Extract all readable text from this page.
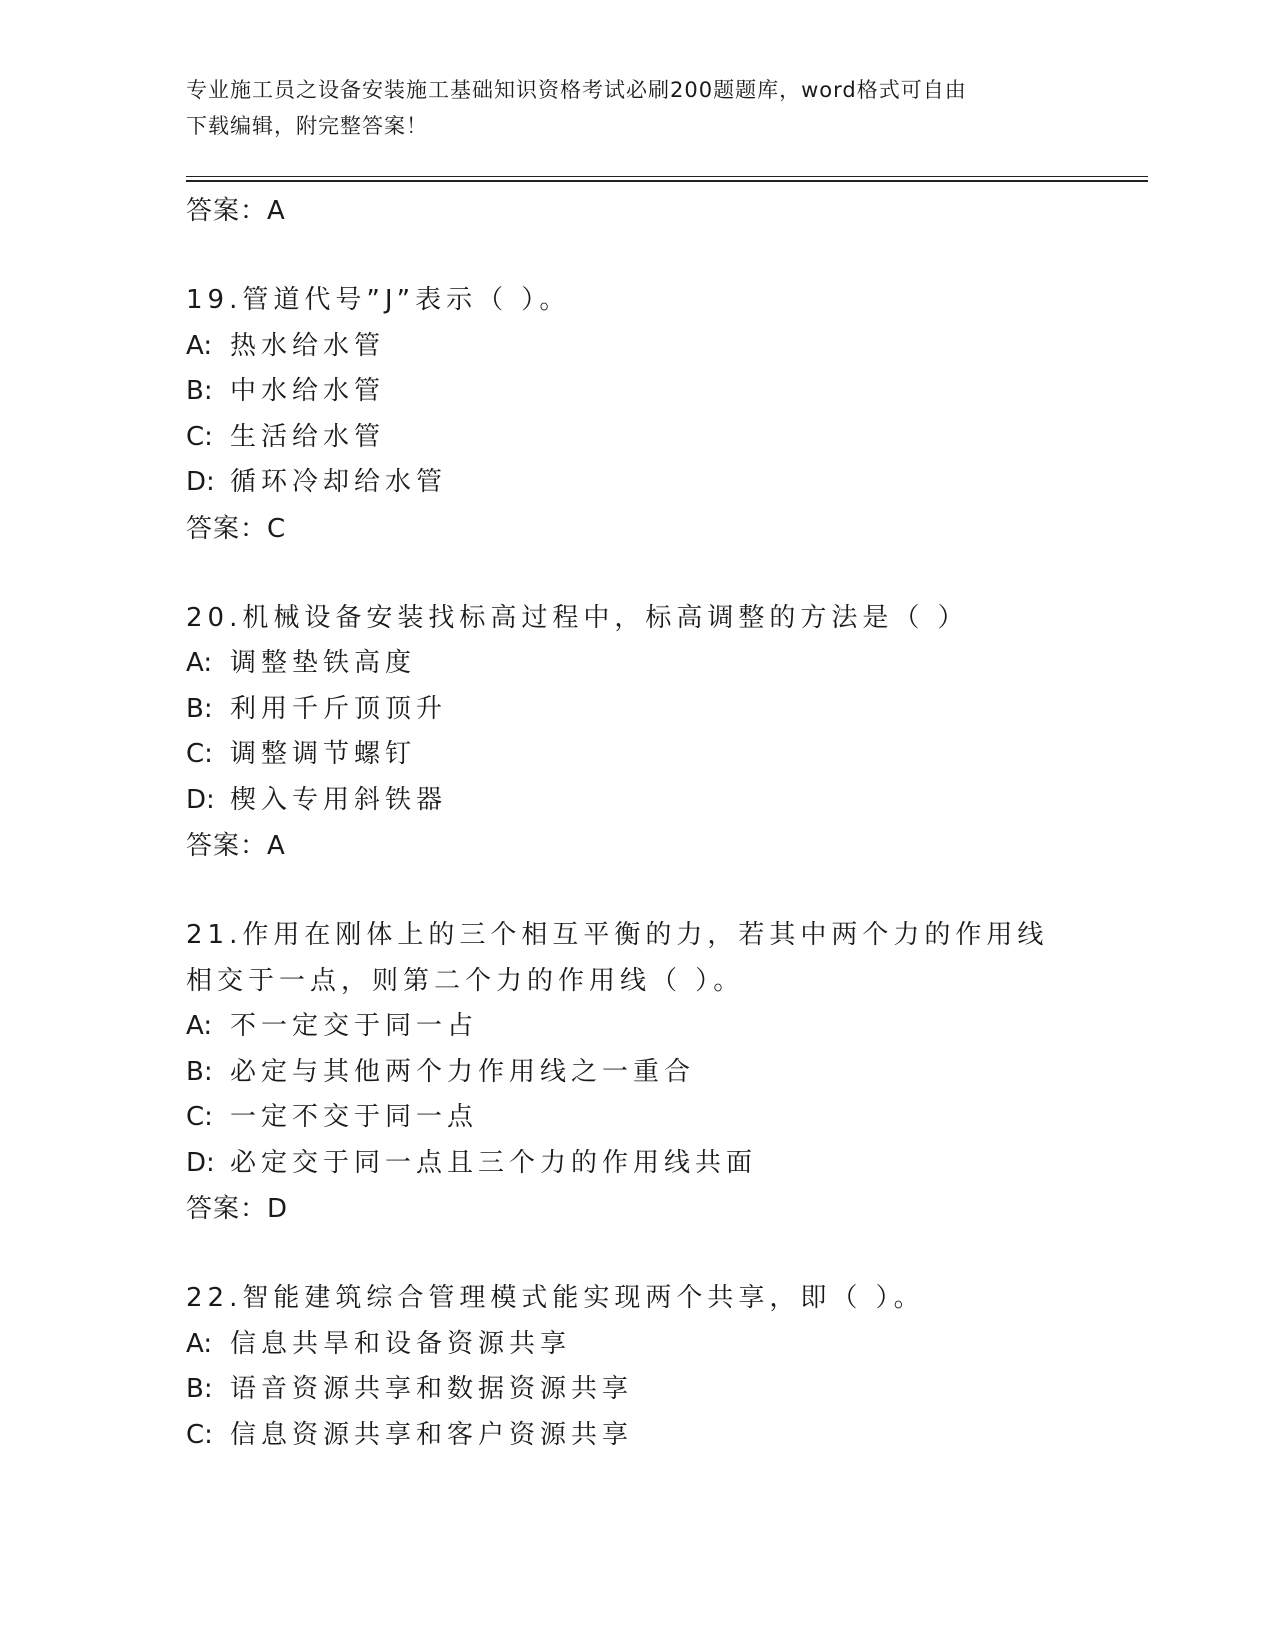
专业施工员之设备安装施工基础知识资格考试必刷200题题库，word格式可自由
下载编辑，附完整答案！
答案：A
19.管道代号”J”表示（ ）。
A: 热水给水管
B: 中水给水管
C: 生活给水管
D: 循环冷却给水管
答案：C
20.机械设备安装找标高过程中，标高调整的方法是（ ）
A: 调整垫铁高度
B: 利用千斤顶顶升
C: 调整调节螺钉
D: 楔入专用斜铁器
答案：A
21.作用在刚体上的三个相互平衡的力，若其中两个力的作用线相交于一点，则第二个力的作用线（ ）。
A: 不一定交于同一占
B: 必定与其他两个力作用线之一重合
C: 一定不交于同一点
D: 必定交于同一点且三个力的作用线共面
答案：D
22.智能建筑综合管理模式能实现两个共享，即（ ）。
A: 信息共旱和设备资源共享
B: 语音资源共享和数据资源共享
C: 信息资源共享和客户资源共享
